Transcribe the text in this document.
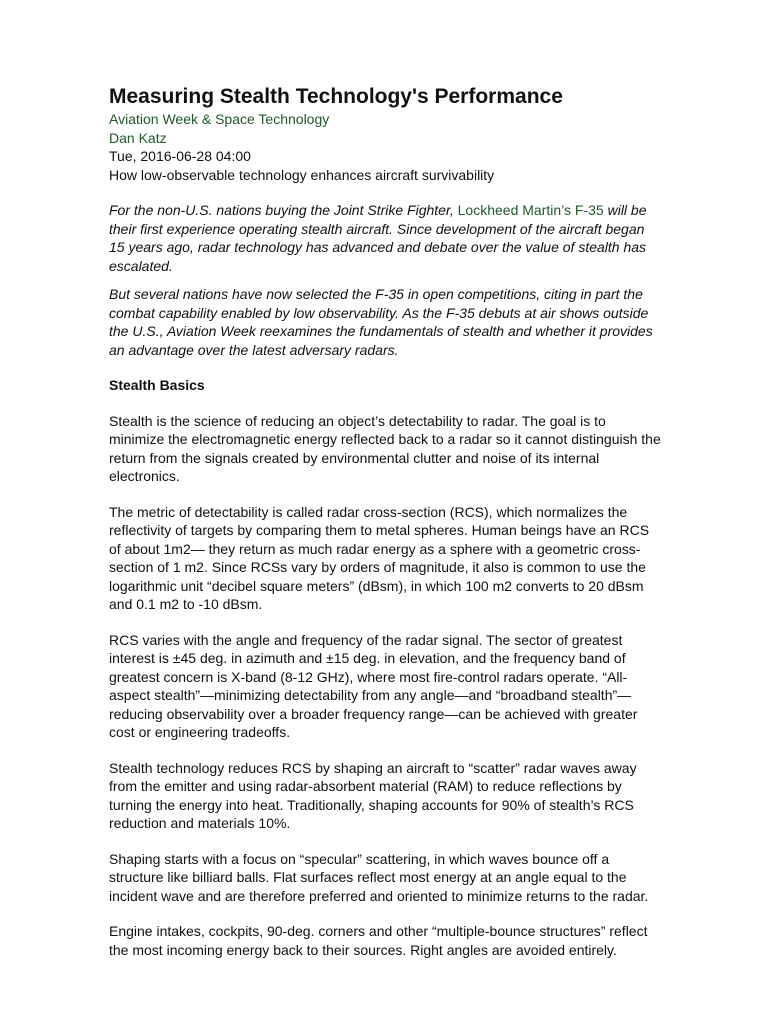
Measuring Stealth Technology's Performance
Aviation Week & Space Technology
Dan Katz
Tue, 2016-06-28 04:00
How low-observable technology enhances aircraft survivability

For the non-U.S. nations buying the Joint Strike Fighter, Lockheed Martin’s F-35 will be their first experience operating stealth aircraft. Since development of the aircraft began 15 years ago, radar technology has advanced and debate over the value of stealth has escalated.

But several nations have now selected the F-35 in open competitions, citing in part the combat capability enabled by low observability. As the F-35 debuts at air shows outside the U.S., Aviation Week reexamines the fundamentals of stealth and whether it provides an advantage over the latest adversary radars.

Stealth Basics

Stealth is the science of reducing an object’s detectability to radar. The goal is to minimize the electromagnetic energy reflected back to a radar so it cannot distinguish the return from the signals created by environmental clutter and noise of its internal electronics.

The metric of detectability is called radar cross-section (RCS), which normalizes the reflectivity of targets by comparing them to metal spheres. Human beings have an RCS of about 1m2— they return as much radar energy as a sphere with a geometric cross-section of 1 m2. Since RCSs vary by orders of magnitude, it also is common to use the logarithmic unit “decibel square meters” (dBsm), in which 100 m2 converts to 20 dBsm and 0.1 m2 to -10 dBsm.

RCS varies with the angle and frequency of the radar signal. The sector of greatest interest is ±45 deg. in azimuth and ±15 deg. in elevation, and the frequency band of greatest concern is X-band (8-12 GHz), where most fire-control radars operate. “All-aspect stealth”—minimizing detectability from any angle—and “broadband stealth”—reducing observability over a broader frequency range—can be achieved with greater cost or engineering tradeoffs.

Stealth technology reduces RCS by shaping an aircraft to “scatter” radar waves away from the emitter and using radar-absorbent material (RAM) to reduce reflections by turning the energy into heat. Traditionally, shaping accounts for 90% of stealth’s RCS reduction and materials 10%.

Shaping starts with a focus on “specular” scattering, in which waves bounce off a structure like billiard balls. Flat surfaces reflect most energy at an angle equal to the incident wave and are therefore preferred and oriented to minimize returns to the radar.

Engine intakes, cockpits, 90-deg. corners and other “multiple-bounce structures” reflect the most incoming energy back to their sources. Right angles are avoided entirely.
